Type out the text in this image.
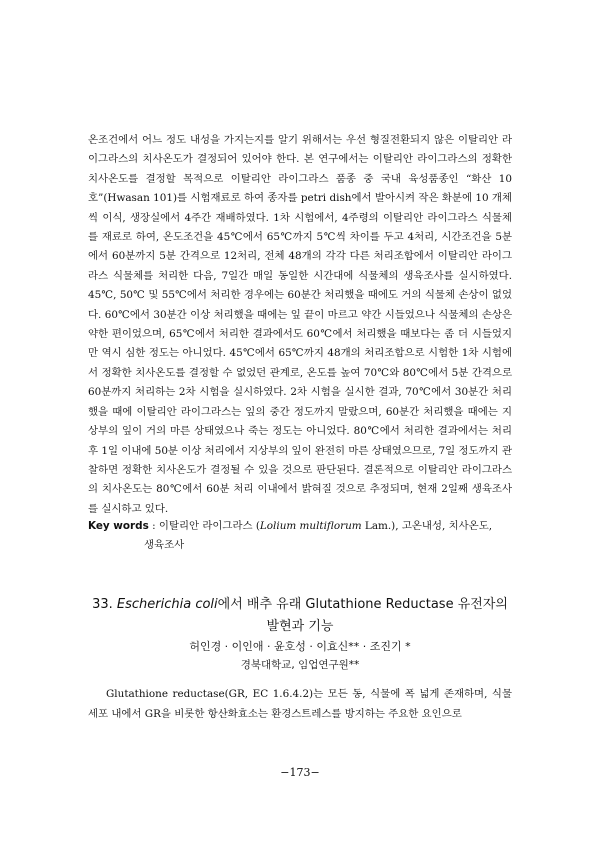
온조건에서 어느 정도 내성을 가지는지를 알기 위해서는 우선 형질전환되지 않은 이탈리안 라이그라스의 치사온도가 결정되어 있어야 한다. 본 연구에서는 이탈리안 라이그라스의 정확한 치사온도를 결정할 목적으로 이탈리안 라이그라스 품종 중 국내 육성품종인 “화산 10호”(Hwasan 101)를 시험재료로 하여 종자를 petri dish에서 발아시켜 작은 화분에 10 개체씩 이식, 생장실에서 4주간 재배하였다. 1차 시험에서, 4주령의 이탈리안 라이그라스 식물체를 재료로 하여, 온도조건을 45℃에서 65℃까지 5℃씩 차이를 두고 4처리, 시간조건을 5분에서 60분까지 5분 간격으로 12처리, 전체 48개의 각각 다른 처리조합에서 이탈리안 라이그라스 식물체를 처리한 다음, 7일간 매일 동일한 시간대에 식물체의 생육조사를 실시하였다. 45℃, 50℃ 및 55℃에서 처리한 경우에는 60분간 처리했을 때에도 거의 식물체 손상이 없었다. 60℃에서 30분간 이상 처리했을 때에는 잎 끝이 마르고 약간 시들었으나 식물체의 손상은 약한 편이었으며, 65℃에서 처리한 결과에서도 60℃에서 처리했을 때보다는 좀 더 시들었지만 역시 심한 정도는 아니었다. 45℃에서 65℃까지 48개의 처리조합으로 시험한 1차 시험에서 정확한 치사온도를 결정할 수 없었던 관계로, 온도를 높여 70℃와 80℃에서 5분 간격으로 60분까지 처리하는 2차 시험을 실시하였다. 2차 시험을 실시한 결과, 70℃에서 30분간 처리했을 때에 이탈리안 라이그라스는 잎의 중간 정도까지 말랐으며, 60분간 처리했을 때에는 지상부의 잎이 거의 마른 상태였으나 죽는 정도는 아니었다. 80℃에서 처리한 결과에서는 처리 후 1일 이내에 50분 이상 처리에서 지상부의 잎이 완전히 마른 상태였으므로, 7일 정도까지 관찰하면 정확한 치사온도가 결정될 수 있을 것으로 판단된다. 결론적으로 이탈리안 라이그라스의 치사온도는 80℃에서 60분 처리 이내에서 밝혀질 것으로 추정되며, 현재 2일째 생육조사를 실시하고 있다.

Key words : 이탈리안 라이그라스 (Lolium multiflorum Lam.), 고온내성, 치사온도,
생육조사
33. Escherichia coli에서 배추 유래 Glutathione Reductase 유전자의
발현과 기능
허인경 · 이인애 · 윤호성 · 이효신** · 조진기 *
경북대학교, 임업연구원**
Glutathione reductase(GR, EC 1.6.4.2)는 모든 동, 식물에 폭 넓게 존재하며, 식물 세포 내에서 GR을 비롯한 항산화효소는 환경스트레스를 방지하는 주요한 요인으로
−173−
